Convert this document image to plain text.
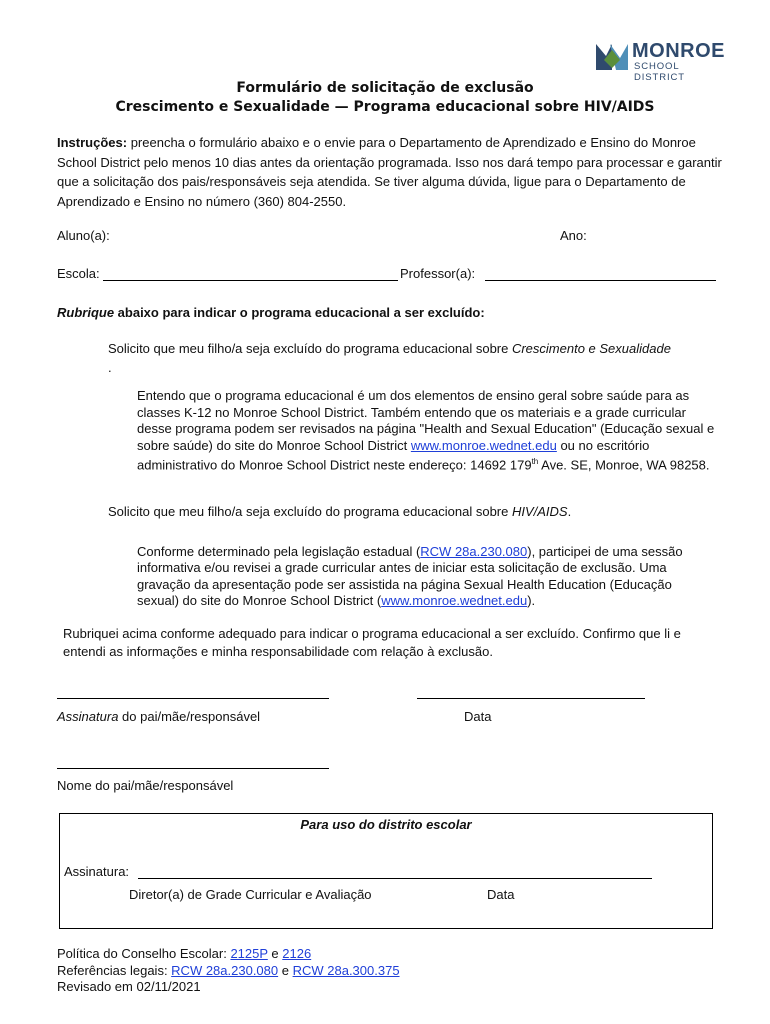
MONROE
SCHOOL DISTRICT
Formulário de solicitação de exclusão
Crescimento e Sexualidade — Programa educacional sobre HIV/AIDS
Instruções: preencha o formulário abaixo e o envie para o Departamento de Aprendizado e Ensino do Monroe School District pelo menos 10 dias antes da orientação programada. Isso nos dará tempo para processar e garantir que a solicitação dos pais/responsáveis seja atendida. Se tiver alguma dúvida, ligue para o Departamento de Aprendizado e Ensino no número (360) 804-2550.
Aluno(a):	Ano:
Escola:	Professor(a):
Rubrique abaixo para indicar o programa educacional a ser excluído:
Solicito que meu filho/a seja excluído do programa educacional sobre Crescimento e Sexualidade
.
Entendo que o programa educacional é um dos elementos de ensino geral sobre saúde para as classes K-12 no Monroe School District. Também entendo que os materiais e a grade curricular desse programa podem ser revisados na página "Health and Sexual Education" (Educação sexual e sobre saúde) do site do Monroe School District www.monroe.wednet.edu ou no escritório administrativo do Monroe School District neste endereço: 14692 179th Ave. SE, Monroe, WA 98258.
Solicito que meu filho/a seja excluído do programa educacional sobre HIV/AIDS.
Conforme determinado pela legislação estadual (RCW 28a.230.080), participei de uma sessão informativa e/ou revisei a grade curricular antes de iniciar esta solicitação de exclusão. Uma gravação da apresentação pode ser assistida na página Sexual Health Education (Educação sexual) do site do Monroe School District (www.monroe.wednet.edu).
Rubriquei acima conforme adequado para indicar o programa educacional a ser excluído. Confirmo que li e entendi as informações e minha responsabilidade com relação à exclusão.
Assinatura do pai/mãe/responsável	Data
Nome do pai/mãe/responsável
Para uso do distrito escolar
Assinatura:
Diretor(a) de Grade Curricular e Avaliação	Data
Política do Conselho Escolar: 2125P e 2126
Referências legais: RCW 28a.230.080 e RCW 28a.300.375
Revisado em 02/11/2021
